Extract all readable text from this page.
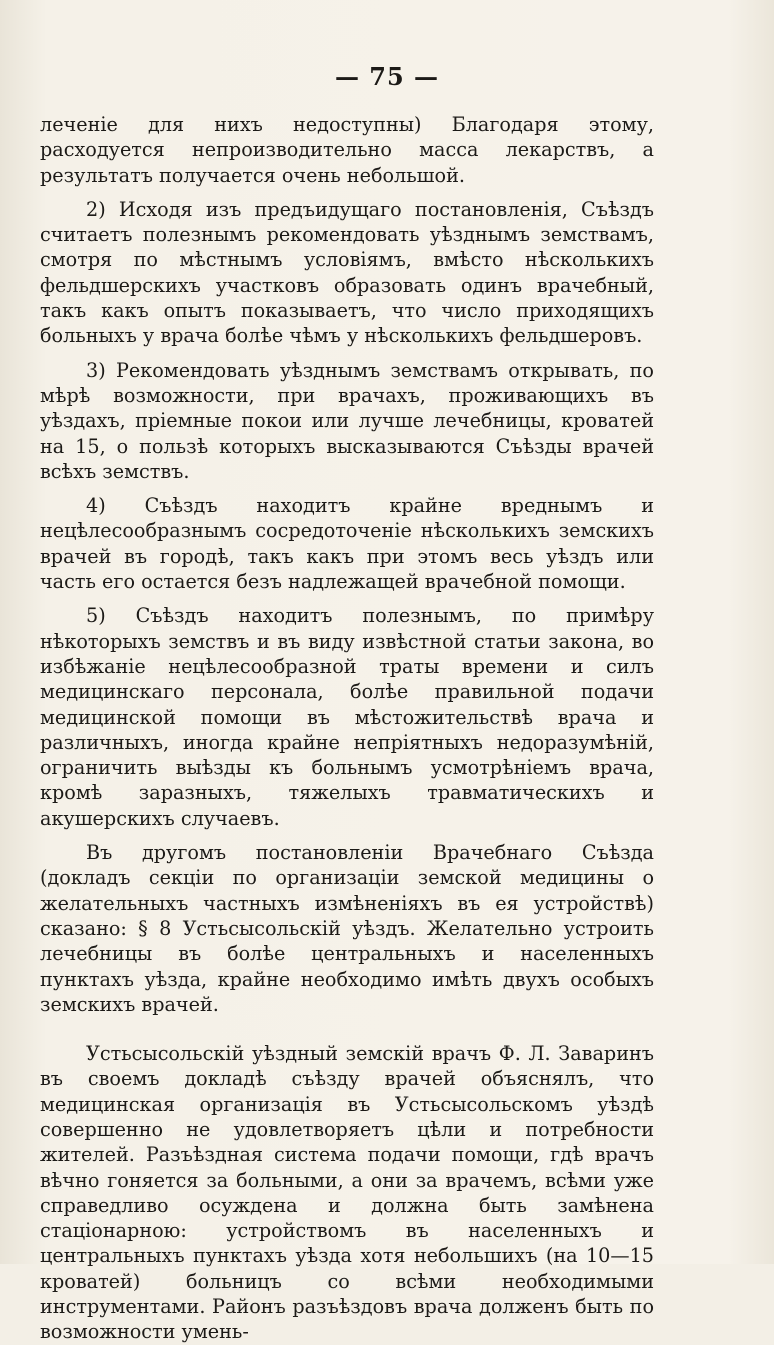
— 75 —

леченіе для нихъ недоступны) Благодаря этому, расходуется непроизводительно масса лекарствъ, а результатъ получается очень небольшой.

2) Исходя изъ предъидущаго постановленія, Съѣздъ считаетъ полезнымъ рекомендовать уѣзднымъ земствамъ, смотря по мѣстнымъ условіямъ, вмѣсто нѣсколькихъ фельдшерскихъ участковъ образовать одинъ врачебный, такъ какъ опытъ показываетъ, что число приходящихъ больныхъ у врача болѣе чѣмъ у нѣсколькихъ фельдшеровъ.

3) Рекомендовать уѣзднымъ земствамъ открывать, по мѣрѣ возможности, при врачахъ, проживающихъ въ уѣздахъ, пріемные покои или лучше лечебницы, кроватей на 15, о пользѣ которыхъ высказываются Съѣзды врачей всѣхъ земствъ.

4) Съѣздъ находитъ крайне вреднымъ и нецѣлесообразнымъ сосредоточеніе нѣсколькихъ земскихъ врачей въ городѣ, такъ какъ при этомъ весь уѣздъ или часть его остается безъ надлежащей врачебной помощи.

5) Съѣздъ находитъ полезнымъ, по примѣру нѣкоторыхъ земствъ и въ виду извѣстной статьи закона, во избѣжаніе нецѣлесообразной траты времени и силъ медицинскаго персонала, болѣе правильной подачи медицинской помощи въ мѣстожительствѣ врача и различныхъ, иногда крайне непріятныхъ недоразумѣній, ограничить выѣзды къ больнымъ усмотрѣніемъ врача, кромѣ заразныхъ, тяжелыхъ травматическихъ и акушерскихъ случаевъ.

Въ другомъ постановленіи Врачебнаго Съѣзда (докладъ секціи по организаціи земской медицины о желательныхъ частныхъ измѣненіяхъ въ ея устройствѣ) сказано: § 8 Устьсысольскій уѣздъ. Желательно устроить лечебницы въ болѣе центральныхъ и населенныхъ пунктахъ уѣзда, крайне необходимо имѣть двухъ особыхъ земскихъ врачей.

Устьсысольскій уѣздный земскій врачъ Ф. Л. Заваринъ въ своемъ докладѣ съѣзду врачей объяснялъ, что медицинская организація въ Устьсысольскомъ уѣздѣ совершенно не удовлетворяетъ цѣли и потребности жителей. Разъѣздная система подачи помощи, гдѣ врачъ вѣчно гоняется за больными, а они за врачемъ, всѣми уже справедливо осуждена и должна быть замѣнена стаціонарною: устройствомъ въ населенныхъ и центральныхъ пунктахъ уѣзда хотя небольшихъ (на 10—15 кроватей) больницъ со всѣми необходимыми инструментами. Районъ разъѣздовъ врача долженъ быть по возможности умень-
